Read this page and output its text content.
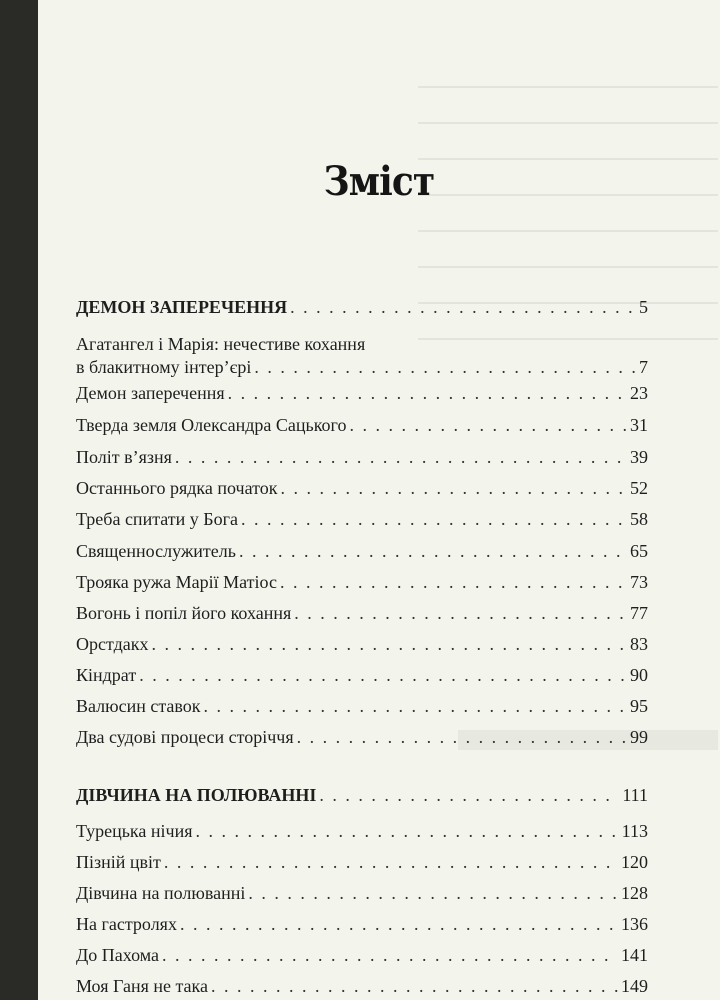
Зміст
ДЕМОН ЗАПЕРЕЧЕННЯ . . .	5
Агатангел і Марія: нечестиве кохання
в блакитному інтер’єрі . . .	7
Демон заперечення . . .	23
Тверда земля Олександра Сацького . . .	31
Політ в’язня . . .	39
Останнього рядка початок . . .	52
Треба спитати у Бога . . .	58
Священнослужитель . . .	65
Трояка ружа Марії Матіос . . .	73
Вогонь і попіл його кохання . . .	77
Орстдакх . . .	83
Кіндрат . . .	90
Валюсин ставок . . .	95
Два судові процеси сторіччя . . .	99
ДІВЧИНА НА ПОЛЮВАННІ . . .	111
Турецька нічия . . .	113
Пізній цвіт . . .	120
Дівчина на полюванні . . .	128
На гастролях . . .	136
До Пахома . . .	141
Моя Ганя не така . . .	149
